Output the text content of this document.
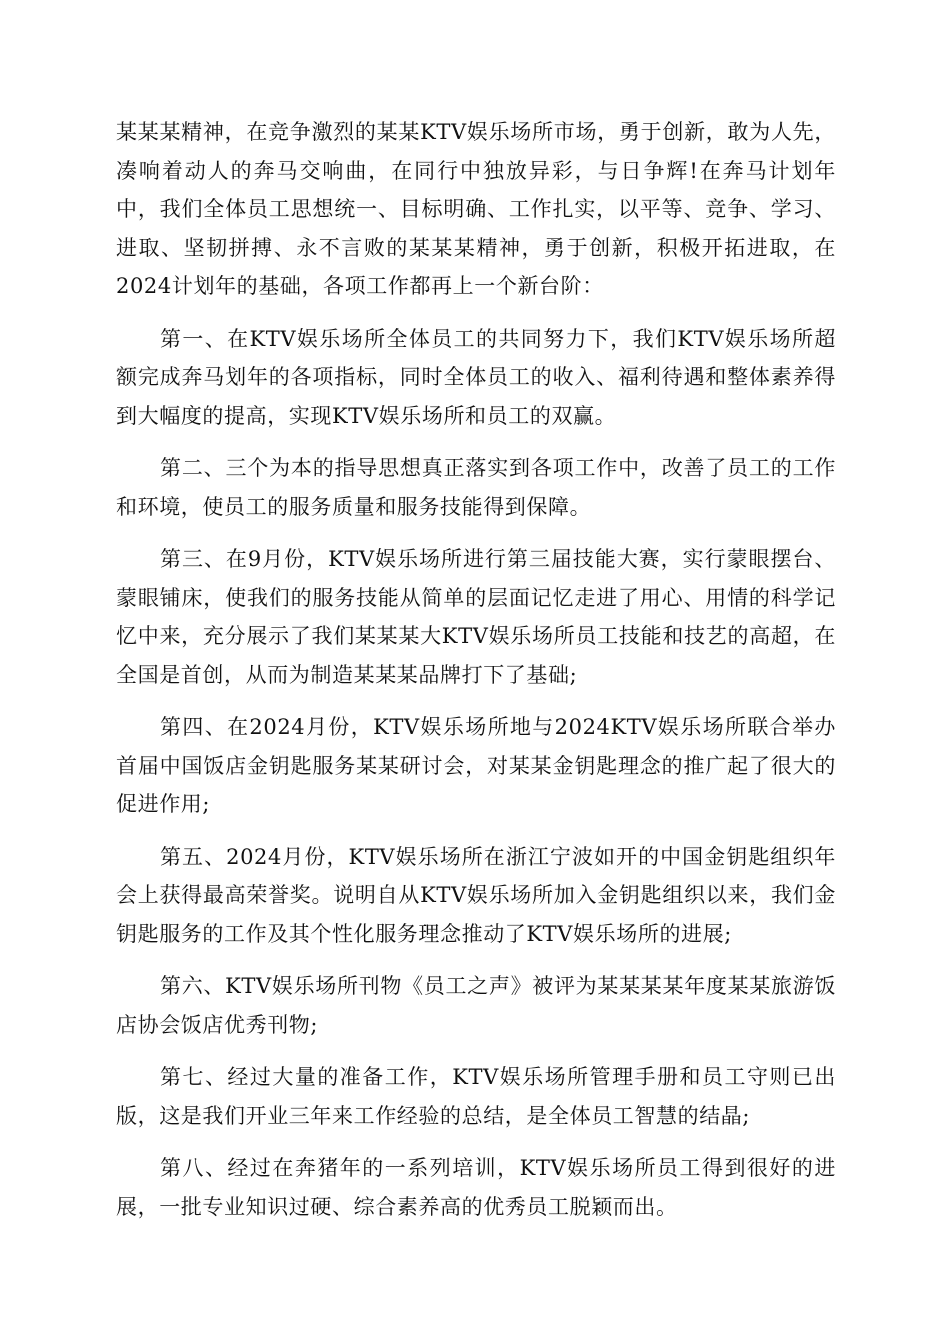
某某某精神，在竞争激烈的某某KTV娱乐场所市场，勇于创新，敢为人先，凑响着动人的奔马交响曲，在同行中独放异彩，与日争辉!在奔马计划年中，我们全体员工思想统一、目标明确、工作扎实，以平等、竞争、学习、进取、坚韧拼搏、永不言败的某某某精神，勇于创新，积极开拓进取，在2024计划年的基础，各项工作都再上一个新台阶：

第一、在KTV娱乐场所全体员工的共同努力下，我们KTV娱乐场所超额完成奔马划年的各项指标，同时全体员工的收入、福利待遇和整体素养得到大幅度的提高，实现KTV娱乐场所和员工的双赢。

第二、三个为本的指导思想真正落实到各项工作中，改善了员工的工作和环境，使员工的服务质量和服务技能得到保障。

第三、在9月份，KTV娱乐场所进行第三届技能大赛，实行蒙眼摆台、蒙眼铺床，使我们的服务技能从简单的层面记忆走进了用心、用情的科学记忆中来，充分展示了我们某某某大KTV娱乐场所员工技能和技艺的高超，在全国是首创，从而为制造某某某品牌打下了基础;

第四、在2024月份，KTV娱乐场所地与2024KTV娱乐场所联合举办首届中国饭店金钥匙服务某某研讨会，对某某金钥匙理念的推广起了很大的促进作用;

第五、2024月份，KTV娱乐场所在浙江宁波如开的中国金钥匙组织年会上获得最高荣誉奖。说明自从KTV娱乐场所加入金钥匙组织以来，我们金钥匙服务的工作及其个性化服务理念推动了KTV娱乐场所的进展;

第六、KTV娱乐场所刊物《员工之声》被评为某某某某年度某某旅游饭店协会饭店优秀刊物;

第七、经过大量的准备工作，KTV娱乐场所管理手册和员工守则已出版，这是我们开业三年来工作经验的总结，是全体员工智慧的结晶;

第八、经过在奔猪年的一系列培训，KTV娱乐场所员工得到很好的进展，一批专业知识过硬、综合素养高的优秀员工脱颖而出。
